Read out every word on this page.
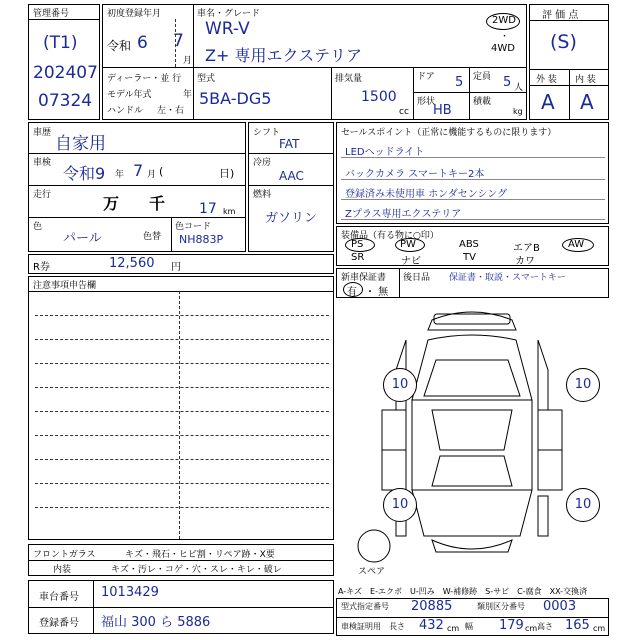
管理番号
(T1)
202407
07324
初度登録年月
令和 6 7
月
車名・グレード
WR-V
Z+ 専用エクステリア
2WD
・
4WD
ディーラー・並 行
モデル年式	年
ハンドル 左・右
型式
5BA-DG5
排気量
1500
cc
ドア 5
形状
HB
定員 5 人
積載
kg
評 価 点
(S)
外 装 内 装
A A
車歴
自家用
車検
令和9 年 7 月 (	日)
走行	万 千 17 km
色
パール	色替
色コード
NH883P
シフト
FAT
冷房
AAC
燃料
ガソリン
セールスポイント（正常に機能するものに限ります）
LEDヘッドライト
バックカメラ スマートキー2本
登録済み未使用車 ホンダセンシング
Zプラス専用エクステリア
装備品（有る物に○印）
PS	PW	ABS	エアB	AW
SR	ナビ	TV	カワ
R券	12,560 円
新車保証書
有 ・ 無
後日品 保証書・取説・スマートキー
注意事項申告欄
10	10
10	10
スペア
フロントガラス	キズ・飛石・ヒビ割・リペア跡・X要
内装	キズ・汚レ・コゲ・穴・スレ・キレ・破レ
車台番号 1013429
登録番号 福山 300 ら 5886
A-キズ　E-エクボ　U-凹み　W-補修跡　S-サビ　C-腐食　XX-交換済
型式指定番号 20885	類別区分番号 0003
車検証明用 長さ 432 cm 幅 179 cm 高さ 165 cm
